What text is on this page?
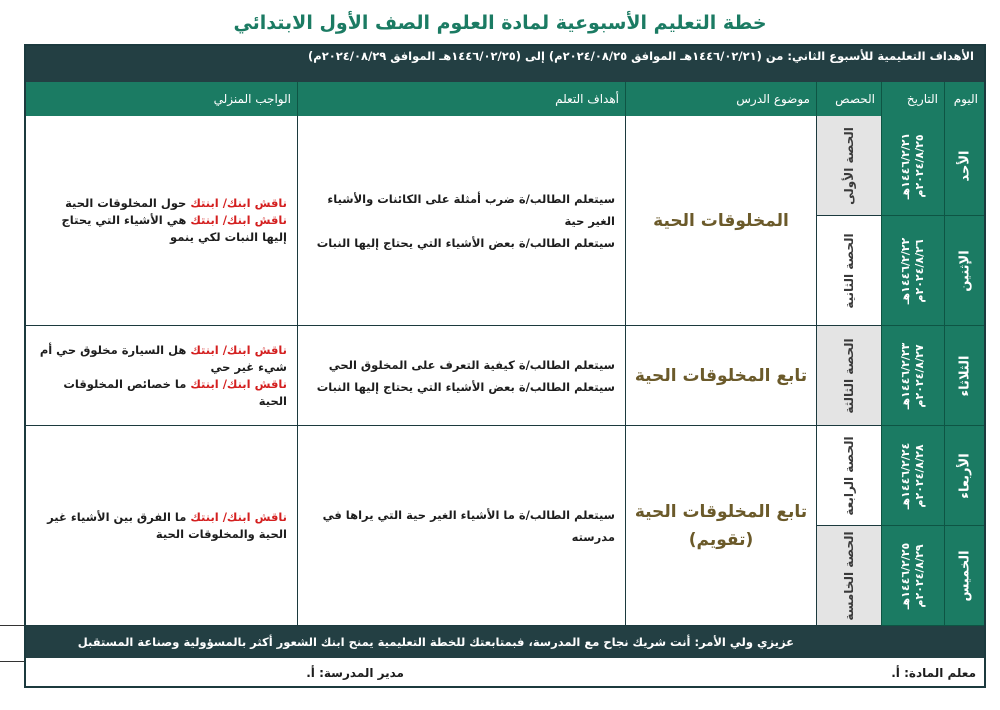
خطة التعليم الأسبوعية لمادة العلوم الصف الأول الابتدائي
الأهداف التعليمية للأسبوع الثاني: من (١٤٤٦/٠٢/٢١هـ الموافق ٢٠٢٤/٠٨/٢٥م) إلى (١٤٤٦/٠٢/٢٥هـ الموافق ٢٠٢٤/٠٨/٢٩م)
اليوم
التاريخ
الحصص
موضوع الدرس
أهداف التعلم
الواجب المنزلي
الأحد
الإثنين
الثلاثاء
الأربعاء
الخميس
١٤٤٦/٢/٢١هـ
٢٠٢٤/٨/٢٥م
١٤٤٦/٢/٢٢هـ
٢٠٢٤/٨/٢٦م
١٤٤٦/٢/٢٣هـ
٢٠٢٤/٨/٢٧م
١٤٤٦/٢/٢٤هـ
٢٠٢٤/٨/٢٨م
١٤٤٦/٢/٢٥هـ
٢٠٢٤/٨/٢٩م
الحصة الأولى
الحصة الثانية
الحصة الثالثة
الحصة الرابعة
الحصة الخامسة
المخلوقات الحية
سيتعلم الطالب/ة ضرب أمثلة على الكائنات والأشياء الغير حية
سيتعلم الطالب/ة بعض الأشياء التي يحتاج إليها النبات
ناقش ابنك/ ابنتك حول المخلوقات الحية
ناقش ابنك/ ابنتك هي الأشياء التي يحتاج إليها النبات لكي ينمو
تابع المخلوقات الحية
سيتعلم الطالب/ة كيفية التعرف على المخلوق الحي
سيتعلم الطالب/ة بعض الأشياء التي يحتاج إليها النبات
ناقش ابنك/ ابنتك هل السيارة مخلوق حي أم شيء غير حي
ناقش ابنك/ ابنتك ما خصائص المخلوقات الحية
تابع المخلوقات الحية
(تقويم)
سيتعلم الطالب/ة ما الأشياء الغير حية التي يراها في مدرسته
ناقش ابنك/ ابنتك ما الفرق بين الأشياء غير الحية والمخلوقات الحية
عزيزي ولي الأمر: أنت شريك نجاح مع المدرسة، فبمتابعتك للخطة التعليمية يمنح ابنك الشعور أكثر بالمسؤولية وصناعة المستقبل
معلم المادة: أ.
مدير المدرسة: أ.
